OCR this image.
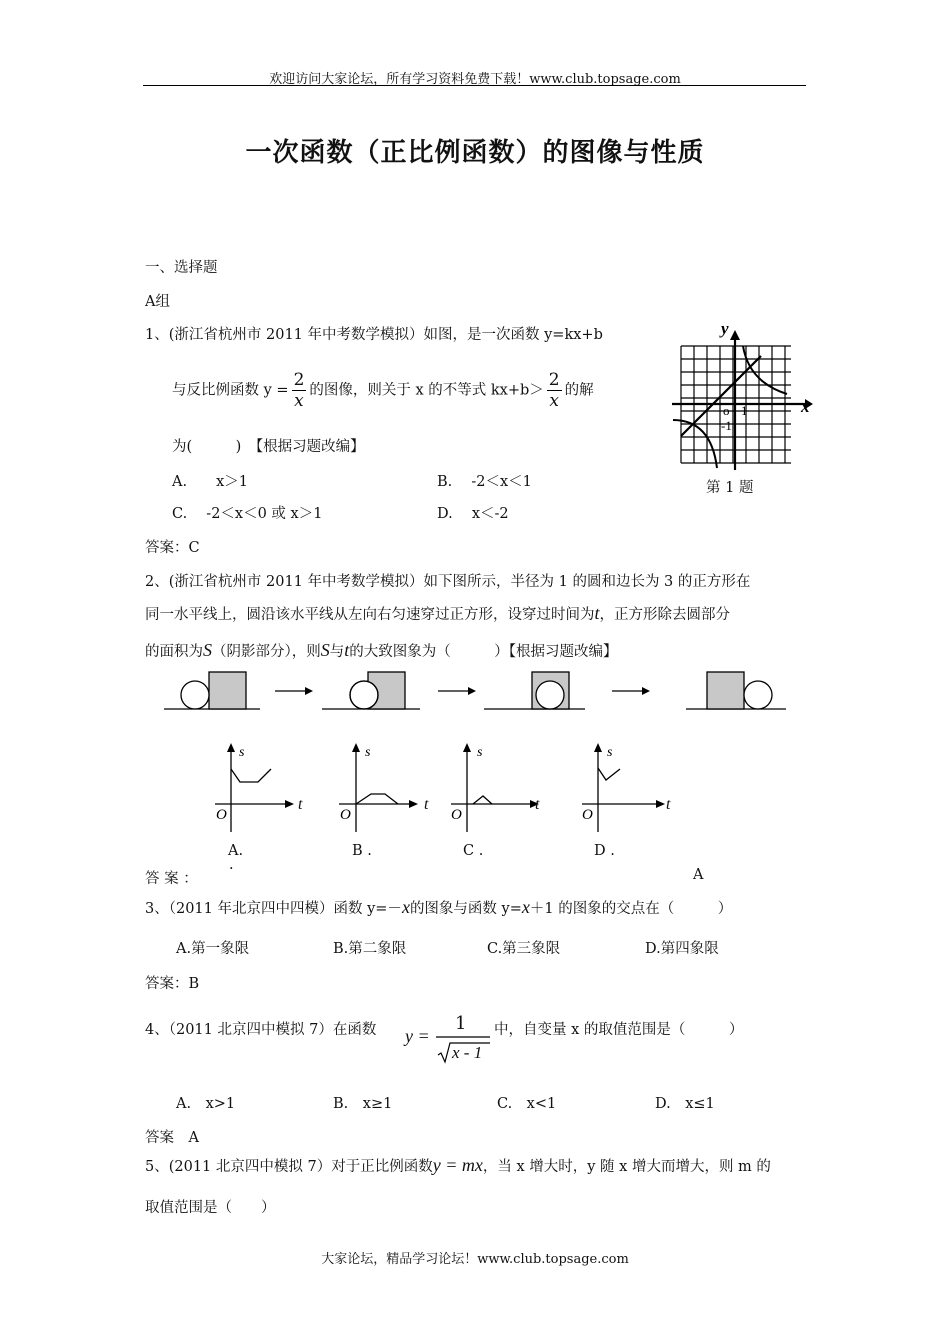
欢迎访问大家论坛，所有学习资料免费下载！www.club.topsage.com
一次函数（正比例函数）的图像与性质
一、选择题
A组
1、(浙江省杭州市 2011 年中考数学模拟）如图，是一次函数 y=kx+b
与反比例函数 $y = \frac{2}{x}$ 的图像，则关于 x 的不等式 $kx+b> \frac{2}{x}$ 的解
为(　　　)　【根据习题改编】
A.　　x＞1	B.　 -2＜x＜1
C.　 -2＜x＜0 或 x＞1	D.　 x＜-2
答案：C
y
x
o 1
-1
第 1 题
2、(浙江省杭州市 2011 年中考数学模拟）如下图所示，半径为 1 的圆和边长为 3 的正方形在
同一水平线上，圆沿该水平线从左向右匀速穿过正方形，设穿过时间为t，正方形除去圆部分
的面积为S（阴影部分），则S与t的大致图象为（　　　）【根据习题改编】
s
O
t
s
O
t
s
O
t
s
O
t
A.	B .	C .	D .
答 案 ：
·	A
3、（2011 年北京四中四模）函数 y=－x的图象与函数 y=x＋1 的图象的交点在（　　　）
A.第一象限	B.第二象限	C.第三象限	D.第四象限
答案：B
4、（2011 北京四中模拟 7）在函数 y =
1
x - 1
中，自变量 x 的取值范围是（　　　）
A.　x>1	B.　x≥1	C.　x<1	D.　x≤1
答案　A
5、(2011 北京四中模拟 7）对于正比例函数y = mx，当 x 增大时，y 随 x 增大而增大，则 m 的
取值范围是（　　）
大家论坛，精品学习论坛！www.club.topsage.com
